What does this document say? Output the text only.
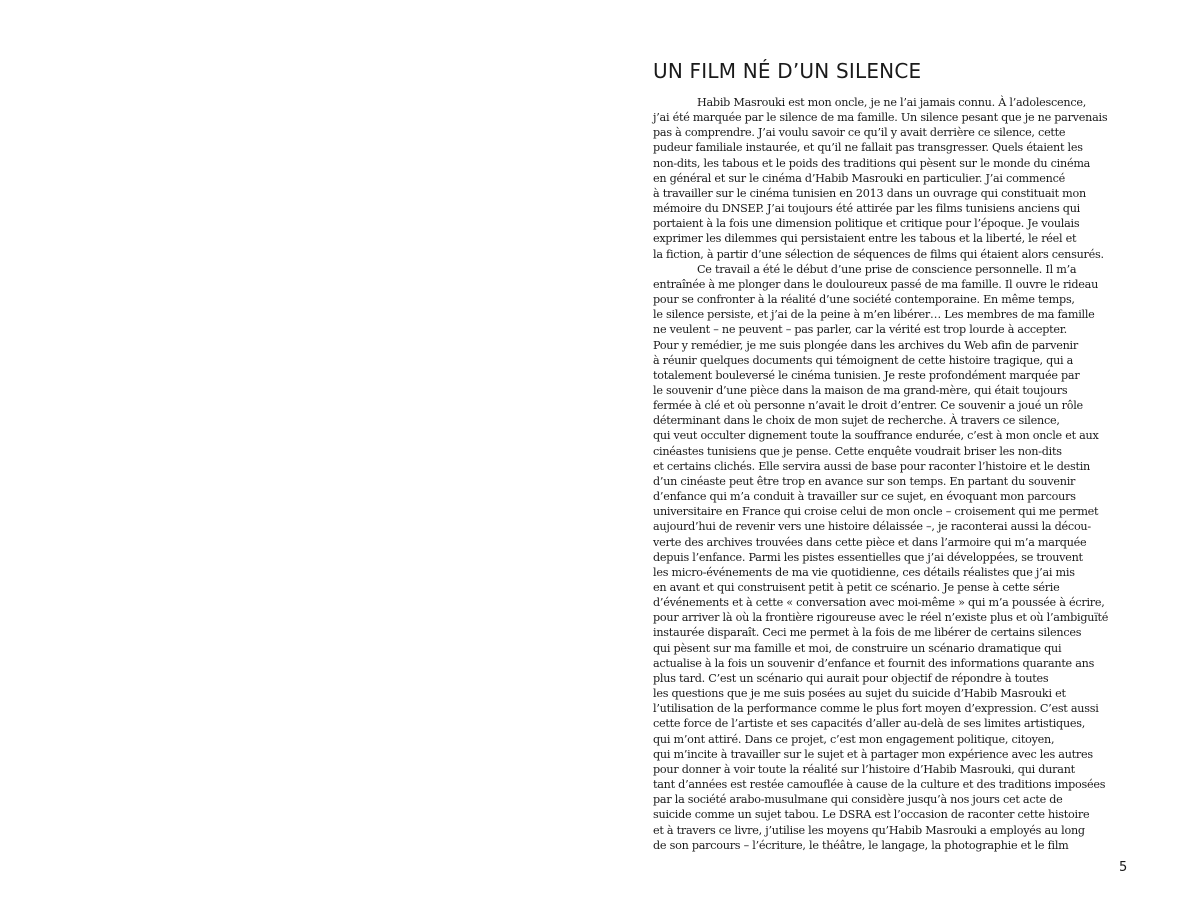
UN FILM NÉ D’UN SILENCE
Habib Masrouki est mon oncle, je ne l’ai jamais connu. À l’adolescence,
j’ai été marquée par le silence de ma famille. Un silence pesant que je ne parvenais
pas à comprendre. J’ai voulu savoir ce qu’il y avait derrière ce silence, cette
pudeur familiale instaurée, et qu’il ne fallait pas transgresser. Quels étaient les
non-dits, les tabous et le poids des traditions qui pèsent sur le monde du cinéma
en général et sur le cinéma d’Habib Masrouki en particulier. J’ai commencé
à travailler sur le cinéma tunisien en 2013 dans un ouvrage qui constituait mon
mémoire du DNSEP. J’ai toujours été attirée par les films tunisiens anciens qui
portaient à la fois une dimension politique et critique pour l’époque. Je voulais
exprimer les dilemmes qui persistaient entre les tabous et la liberté, le réel et
la fiction, à partir d’une sélection de séquences de films qui étaient alors censurés.
Ce travail a été le début d’une prise de conscience personnelle. Il m’a
entraînée à me plonger dans le douloureux passé de ma famille. Il ouvre le rideau
pour se confronter à la réalité d’une société contemporaine. En même temps,
le silence persiste, et j’ai de la peine à m’en libérer… Les membres de ma famille
ne veulent – ne peuvent – pas parler, car la vérité est trop lourde à accepter.
Pour y remédier, je me suis plongée dans les archives du Web afin de parvenir
à réunir quelques documents qui témoignent de cette histoire tragique, qui a
totalement bouleversé le cinéma tunisien. Je reste profondément marquée par
le souvenir d’une pièce dans la maison de ma grand-mère, qui était toujours
fermée à clé et où personne n’avait le droit d’entrer. Ce souvenir a joué un rôle
déterminant dans le choix de mon sujet de recherche. À travers ce silence,
qui veut occulter dignement toute la souffrance endurée, c’est à mon oncle et aux
cinéastes tunisiens que je pense. Cette enquête voudrait briser les non-dits
et certains clichés. Elle servira aussi de base pour raconter l’histoire et le destin
d’un cinéaste peut être trop en avance sur son temps. En partant du souvenir
d’enfance qui m’a conduit à travailler sur ce sujet, en évoquant mon parcours
universitaire en France qui croise celui de mon oncle – croisement qui me permet
aujourd’hui de revenir vers une histoire délaissée –, je raconterai aussi la décou-
verte des archives trouvées dans cette pièce et dans l’armoire qui m’a marquée
depuis l’enfance. Parmi les pistes essentielles que j’ai développées, se trouvent
les micro-événements de ma vie quotidienne, ces détails réalistes que j’ai mis
en avant et qui construisent petit à petit ce scénario. Je pense à cette série
d’événements et à cette « conversation avec moi-même » qui m’a poussée à écrire,
pour arriver là où la frontière rigoureuse avec le réel n’existe plus et où l’ambiguïté
instaurée disparaît. Ceci me permet à la fois de me libérer de certains silences
qui pèsent sur ma famille et moi, de construire un scénario dramatique qui
actualise à la fois un souvenir d’enfance et fournit des informations quarante ans
plus tard. C’est un scénario qui aurait pour objectif de répondre à toutes
les questions que je me suis posées au sujet du suicide d’Habib Masrouki et
l’utilisation de la performance comme le plus fort moyen d’expression. C’est aussi
cette force de l’artiste et ses capacités d’aller au-delà de ses limites artistiques,
qui m’ont attiré. Dans ce projet, c’est mon engagement politique, citoyen,
qui m’incite à travailler sur le sujet et à partager mon expérience avec les autres
pour donner à voir toute la réalité sur l’histoire d’Habib Masrouki, qui durant
tant d’années est restée camouflée à cause de la culture et des traditions imposées
par la société arabo-musulmane qui considère jusqu’à nos jours cet acte de
suicide comme un sujet tabou. Le DSRA est l’occasion de raconter cette histoire
et à travers ce livre, j’utilise les moyens qu’Habib Masrouki a employés au long
de son parcours – l’écriture, le théâtre, le langage, la photographie et le film
5
